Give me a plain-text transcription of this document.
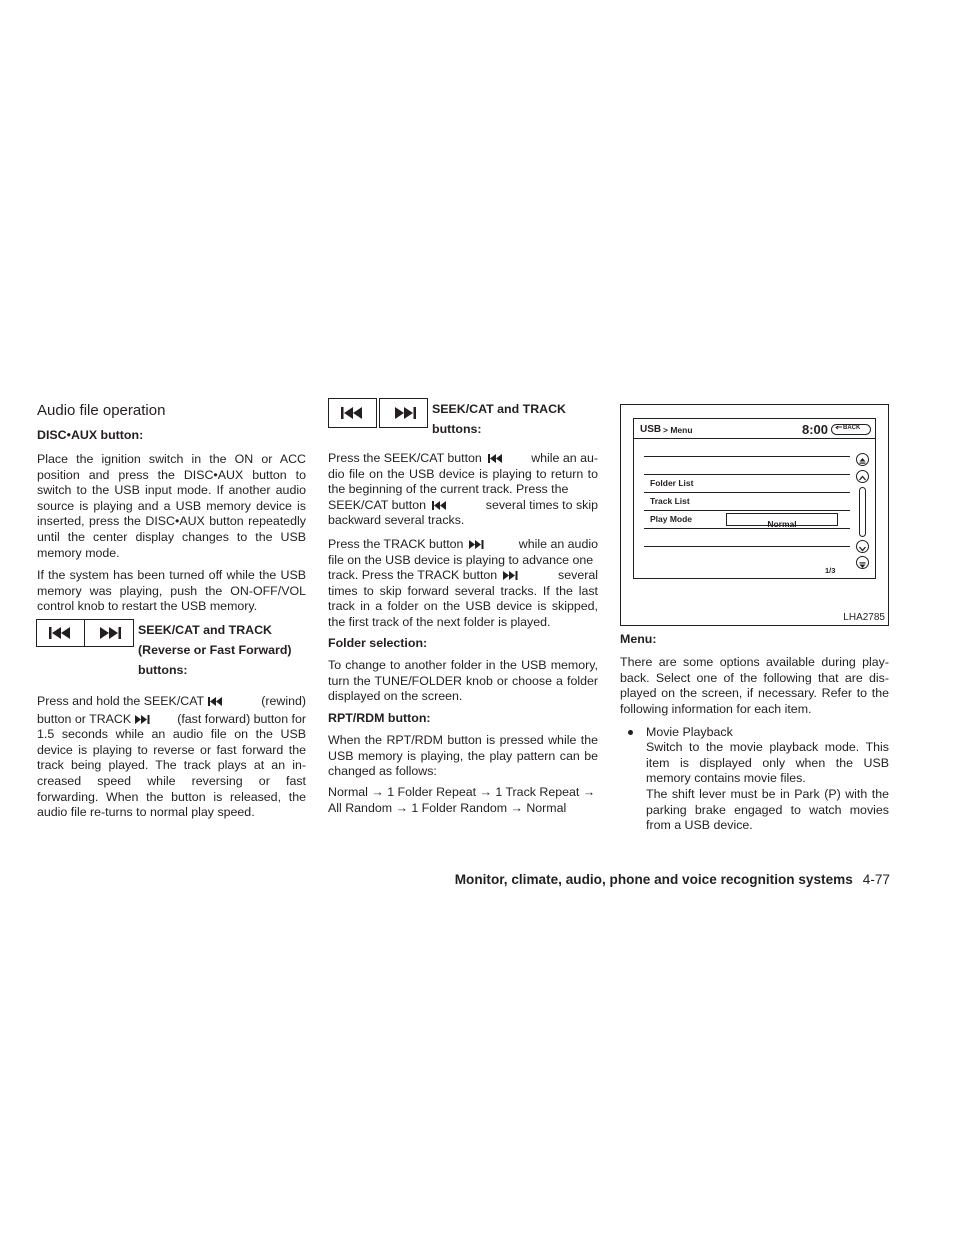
Audio file operation
DISC•AUX button:

Place the ignition switch in the ON or ACC position and press the DISC•AUX button to switch to the USB input mode. If another audio source is playing and a USB memory device is inserted, press the DISC•AUX button repeatedly until the center display changes to the USB memory mode.

If the system has been turned off while the USB memory was playing, push the ON-OFF/VOL control knob to restart the USB memory.

SEEK/CAT and TRACK
(Reverse or Fast Forward)
buttons:
Press and hold the SEEK/CAT	(rewind)
button or TRACK	(fast forward) button for

1.5 seconds while an audio file on the USB device is playing to reverse or fast forward the track being played. The track plays at an in-creased speed while reversing or fast forwarding. When the button is released, the audio file re-turns to normal play speed.

SEEK/CAT and TRACK
buttons:
Press the SEEK/CAT button	while an au-

dio file on the USB device is playing to return to the beginning of the current track. Press the

SEEK/CAT button	several times to skip
backward several tracks.
Press the TRACK button	while an audio
file on the USB device is playing to advance one
track. Press the TRACK button	several

times to skip forward several tracks. If the last track in a folder on the USB device is skipped, the first track of the next folder is played.

Folder selection:

To change to another folder in the USB memory, turn the TUNE/FOLDER knob or choose a folder displayed on the screen.

RPT/RDM button:

When the RPT/RDM button is pressed while the USB memory is playing, the play pattern can be changed as follows:

Normal → 1 Folder Repeat → 1 Track Repeat →
All Random → 1 Folder Random → Normal
USB > Menu	8:00 BACK
Folder List
Track List
Play Mode	Normal
1/3
LHA2785
Menu:

There are some options available during play-back. Select one of the following that are dis-played on the screen, if necessary. Refer to the following information for each item.

Movie Playback

Switch to the movie playback mode. This item is displayed only when the USB memory contains movie files.

The shift lever must be in Park (P) with the parking brake engaged to watch movies from a USB device.

Monitor, climate, audio, phone and voice recognition systems 4-77
